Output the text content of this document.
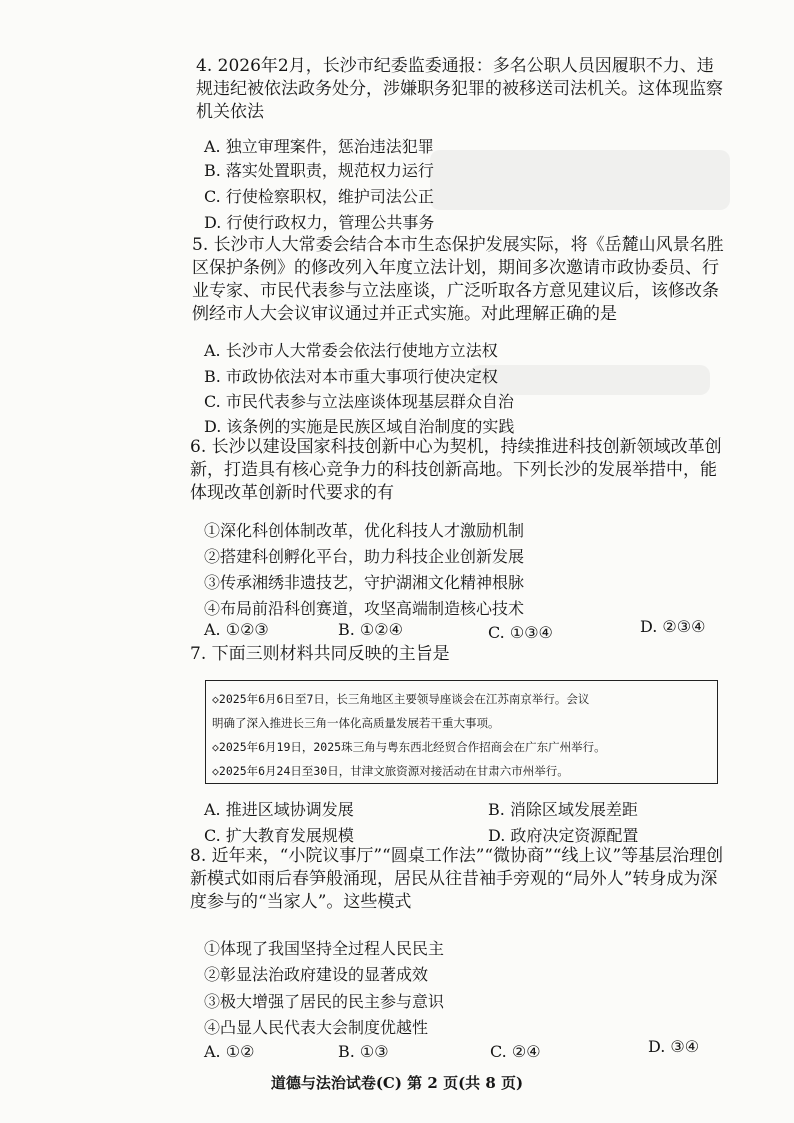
4. 2026年2月，长沙市纪委监委通报：多名公职人员因履职不力、违规违纪被依法政务处分，涉嫌职务犯罪的被移送司法机关。这体现监察机关依法

A. 独立审理案件，惩治违法犯罪
B. 落实处置职责，规范权力运行
C. 行使检察职权，维护司法公正
D. 行使行政权力，管理公共事务

5. 长沙市人大常委会结合本市生态保护发展实际，将《岳麓山风景名胜区保护条例》的修改列入年度立法计划，期间多次邀请市政协委员、行业专家、市民代表参与立法座谈，广泛听取各方意见建议后，该修改条例经市人大会议审议通过并正式实施。对此理解正确的是

A. 长沙市人大常委会依法行使地方立法权
B. 市政协依法对本市重大事项行使决定权
C. 市民代表参与立法座谈体现基层群众自治
D. 该条例的实施是民族区域自治制度的实践

6. 长沙以建设国家科技创新中心为契机，持续推进科技创新领域改革创新，打造具有核心竞争力的科技创新高地。下列长沙的发展举措中，能体现改革创新时代要求的有

①深化科创体制改革，优化科技人才激励机制
②搭建科创孵化平台，助力科技企业创新发展
③传承湘绣非遗技艺，守护湖湘文化精神根脉
④布局前沿科创赛道，攻坚高端制造核心技术
A. ①②③	B. ①②④	C. ①③④	D. ②③④

7. 下面三则材料共同反映的主旨是

◇2025年6月6日至7日，长三角地区主要领导座谈会在江苏南京举行。会议

明确了深入推进长三角一体化高质量发展若干重大事项。

◇2025年6月19日，2025珠三角与粤东西北经贸合作招商会在广东广州举行。

◇2025年6月24日至30日，甘津文旅资源对接活动在甘肃六市州举行。

A. 推进区域协调发展	B. 消除区域发展差距
C. 扩大教育发展规模	D. 政府决定资源配置

8. 近年来，“小院议事厅”“圆桌工作法”“微协商”“线上议”等基层治理创新模式如雨后春笋般涌现，居民从往昔袖手旁观的“局外人”转身成为深度参与的“当家人”。这些模式

①体现了我国坚持全过程人民民主
②彰显法治政府建设的显著成效
③极大增强了居民的民主参与意识
④凸显人民代表大会制度优越性
A. ①②	B. ①③	C. ②④	D. ③④
道德与法治试卷(C) 第 2 页(共 8 页)
